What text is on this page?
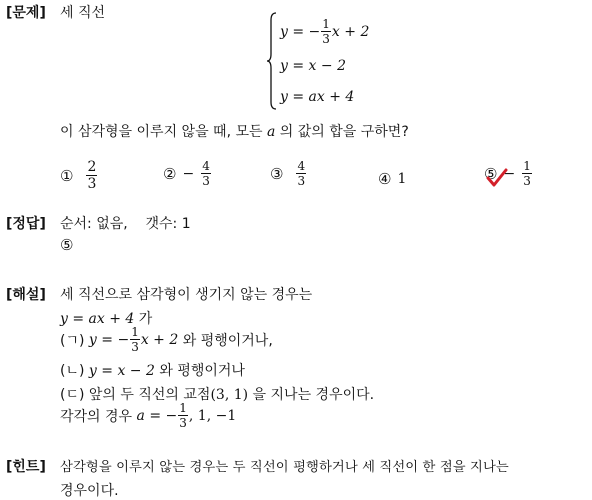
[문제] 세 직선
y = − $\frac{1}{3}$ x + 2
y = x − 2
y = ax + 4
이 삼각형을 이루지 않을 때, 모든 a 의 값의 합을 구하면?
① $\frac{2}{3}$	② − $\frac{4}{3}$	③ $\frac{4}{3}$	④ 1	⑤ − $\frac{1}{3}$
[정답] 순서: 없음,    갯수: 1
⑤
[해설] 세 직선으로 삼각형이 생기지 않는 경우는
y = ax + 4 가
(ㄱ)
y = − $\frac{1}{3}$ x + 2
와 평행이거나,
(ㄴ) y = x − 2 와 평행이거나
(ㄷ) 앞의 두 직선의 교점(3, 1) 을 지나는 경우이다.
각각의 경우
a = − $\frac{1}{3}$ , 1, −1
[힌트] 삼각형을 이루지 않는 경우는 두 직선이 평행하거나 세 직선이 한 점을 지나는
경우이다.
